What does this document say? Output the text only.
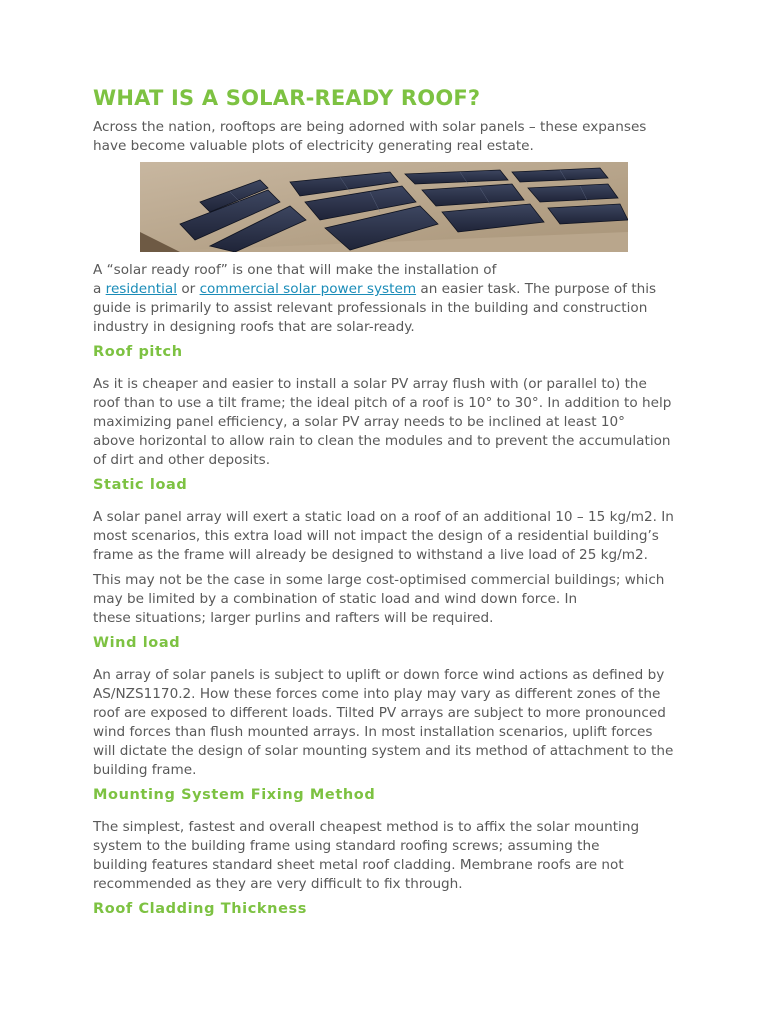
WHAT IS A SOLAR-READY ROOF?

Across the nation, rooftops are being adorned with solar panels – these expanses
have become valuable plots of electricity generating real estate.

A “solar ready roof” is one that will make the installation of
a residential or commercial solar power system an easier task. The purpose of this
guide is primarily to assist relevant professionals in the building and construction
industry in designing roofs that are solar-ready.

Roof pitch

As it is cheaper and easier to install a solar PV array flush with (or parallel to) the
roof than to use a tilt frame; the ideal pitch of a roof is 10° to 30°. In addition to help
maximizing panel efficiency, a solar PV array needs to be inclined at least 10°
above horizontal to allow rain to clean the modules and to prevent the accumulation
of dirt and other deposits.

Static load

A solar panel array will exert a static load on a roof of an additional 10 – 15 kg/m2. In
most scenarios, this extra load will not impact the design of a residential building’s
frame as the frame will already be designed to withstand a live load of 25 kg/m2.

This may not be the case in some large cost-optimised commercial buildings; which
may be limited by a combination of static load and wind down force. In
these situations; larger purlins and rafters will be required.

Wind load

An array of solar panels is subject to uplift or down force wind actions as defined by
AS/NZS1170.2. How these forces come into play may vary as different zones of the
roof are exposed to different loads. Tilted PV arrays are subject to more pronounced
wind forces than flush mounted arrays. In most installation scenarios, uplift forces
will dictate the design of solar mounting system and its method of attachment to the
building frame.

Mounting System Fixing Method

The simplest, fastest and overall cheapest method is to affix the solar mounting
system to the building frame using standard roofing screws; assuming the
building features standard sheet metal roof cladding. Membrane roofs are not
recommended as they are very difficult to fix through.

Roof Cladding Thickness
